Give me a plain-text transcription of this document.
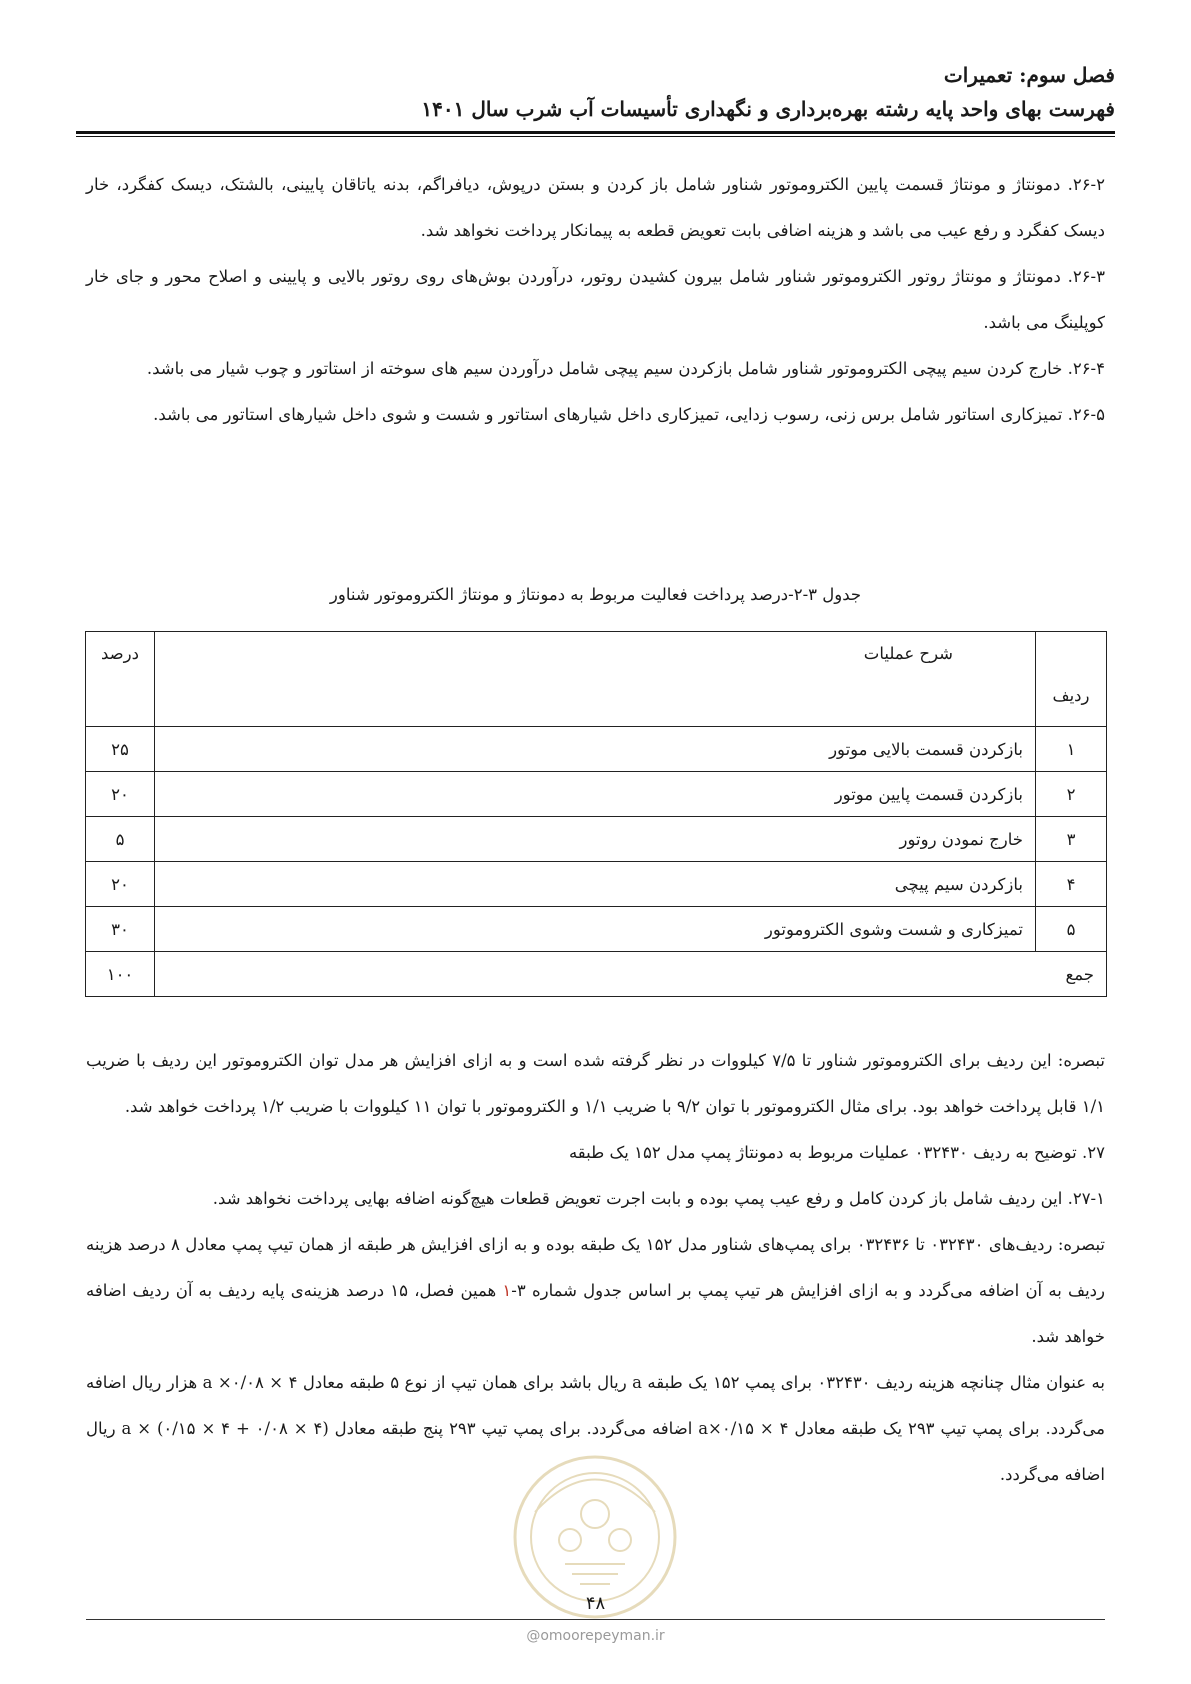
فصل سوم: تعمیرات
فهرست بهای واحد پایه رشته بهره‌برداری و نگهداری تأسیسات آب شرب سال ۱۴۰۱
۲۶-۲. دمونتاژ و مونتاژ قسمت پایین الکتروموتور شناور شامل باز کردن و بستن درپوش، دیافراگم، بدنه یاتاقان پایینی، بالشتک، دیسک کفگرد، خار دیسک کفگرد و رفع عیب می باشد و هزینه اضافی بابت تعویض قطعه به پیمانکار پرداخت نخواهد شد.
۲۶-۳. دمونتاژ و مونتاژ روتور الکتروموتور شناور شامل بیرون کشیدن روتور، درآوردن بوش‌های روی روتور بالایی و پایینی و اصلاح محور و جای خار کوپلینگ می باشد.
۲۶-۴. خارج کردن سیم پیچی الکتروموتور شناور شامل بازکردن سیم پیچی شامل درآوردن سیم های سوخته از استاتور و چوب شیار می باشد.
۲۶-۵. تمیزکاری استاتور شامل برس زنی، رسوب زدایی، تمیزکاری داخل شیارهای استاتور و شست و شوی داخل شیارهای استاتور می باشد.
جدول ۳-۲-درصد پرداخت فعالیت مربوط به دمونتاژ و مونتاژ الکتروموتور شناور
ردیف	شرح عملیات	درصد

۱	بازکردن قسمت بالایی موتور	۲۵
۲	بازکردن قسمت پایین موتور	۲۰
۳	خارج نمودن روتور	۵
۴	بازکردن سیم پیچی	۲۰
۵	تمیزکاری و شست وشوی الکتروموتور	۳۰
جمع		۱۰۰
تبصره: این ردیف برای الکتروموتور شناور تا ۷/۵ کیلووات در نظر گرفته شده است و به ازای افزایش هر مدل توان الکتروموتور این ردیف با ضریب ۱/۱ قابل پرداخت خواهد بود. برای مثال الکتروموتور با توان ۹/۲ با ضریب ۱/۱ و الکتروموتور با توان ۱۱ کیلووات با ضریب ۱/۲ پرداخت خواهد شد.
۲۷. توضیح به ردیف ۰۳۲۴۳۰ عملیات مربوط به دمونتاژ پمپ مدل ۱۵۲ یک طبقه
۲۷-۱. این ردیف شامل باز کردن کامل و رفع عیب پمپ بوده و بابت اجرت تعویض قطعات هیچ‌گونه اضافه بهایی پرداخت نخواهد شد.
تبصره: ردیف‌های ۰۳۲۴۳۰ تا ۰۳۲۴۳۶ برای پمپ‌های شناور مدل ۱۵۲ یک طبقه بوده و به ازای افزایش هر طبقه از همان تیپ پمپ معادل ۸ درصد هزینه ردیف به آن اضافه می‌گردد و به ازای افزایش هر تیپ پمپ بر اساس جدول شماره ۳-۱ همین فصل، ۱۵ درصد هزینه‌ی پایه ردیف به آن ردیف اضافه خواهد شد.
به عنوان مثال چنانچه هزینه ردیف ۰۳۲۴۳۰ برای پمپ ۱۵۲ یک طبقه a ریال باشد برای همان تیپ از نوع ۵ طبقه معادل ۴ × ۰/۰۸× a هزار ریال اضافه می‌گردد. برای پمپ تیپ ۲۹۳ یک طبقه معادل ۴ × ۰/۱۵×a اضافه می‌گردد. برای پمپ تیپ ۲۹۳ پنج طبقه معادل (۴ × ۰/۰۸ + ۴ × ۰/۱۵) × a ریال اضافه می‌گردد.
۴۸
@omoorepeyman.ir
